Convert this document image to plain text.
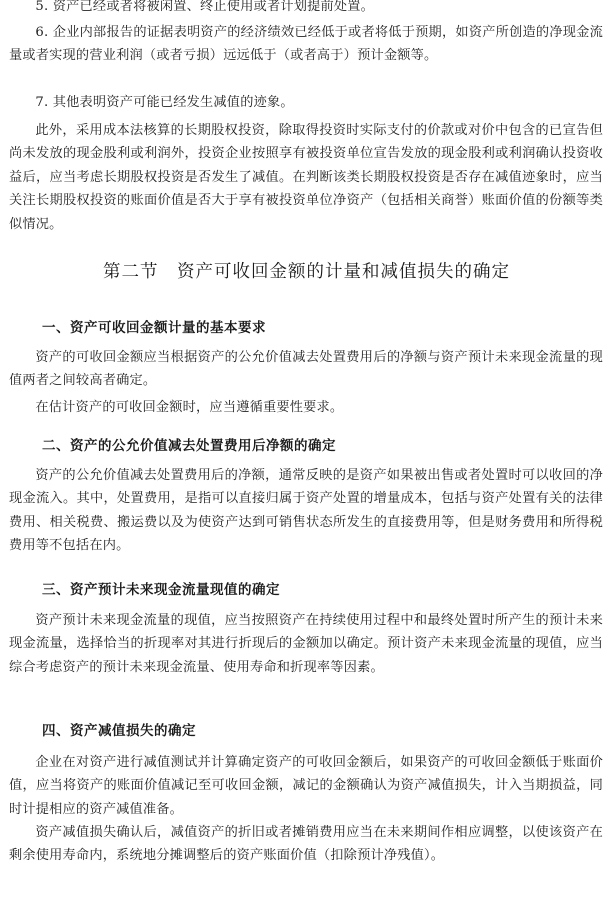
5. 资产已经或者将被闲置、终止使用或者计划提前处置。

6. 企业内部报告的证据表明资产的经济绩效已经低于或者将低于预期，如资产所创造的净现金流量或者实现的营业利润（或者亏损）远远低于（或者高于）预计金额等。

7. 其他表明资产可能已经发生减值的迹象。

此外，采用成本法核算的长期股权投资，除取得投资时实际支付的价款或对价中包含的已宣告但尚未发放的现金股利或利润外，投资企业按照享有被投资单位宣告发放的现金股利或利润确认投资收益后，应当考虑长期股权投资是否发生了减值。在判断该类长期股权投资是否存在减值迹象时，应当关注长期股权投资的账面价值是否大于享有被投资单位净资产（包括相关商誉）账面价值的份额等类似情况。

第二节　资产可收回金额的计量和减值损失的确定
一、资产可收回金额计量的基本要求

资产的可收回金额应当根据资产的公允价值减去处置费用后的净额与资产预计未来现金流量的现值两者之间较高者确定。

在估计资产的可收回金额时，应当遵循重要性要求。

二、资产的公允价值减去处置费用后净额的确定

资产的公允价值减去处置费用后的净额，通常反映的是资产如果被出售或者处置时可以收回的净现金流入。其中，处置费用，是指可以直接归属于资产处置的增量成本，包括与资产处置有关的法律费用、相关税费、搬运费以及为使资产达到可销售状态所发生的直接费用等，但是财务费用和所得税费用等不包括在内。

三、资产预计未来现金流量现值的确定

资产预计未来现金流量的现值，应当按照资产在持续使用过程中和最终处置时所产生的预计未来现金流量，选择恰当的折现率对其进行折现后的金额加以确定。预计资产未来现金流量的现值，应当综合考虑资产的预计未来现金流量、使用寿命和折现率等因素。

四、资产减值损失的确定

企业在对资产进行减值测试并计算确定资产的可收回金额后，如果资产的可收回金额低于账面价值，应当将资产的账面价值减记至可收回金额，减记的金额确认为资产减值损失，计入当期损益，同时计提相应的资产减值准备。

资产减值损失确认后，减值资产的折旧或者摊销费用应当在未来期间作相应调整，以使该资产在剩余使用寿命内，系统地分摊调整后的资产账面价值（扣除预计净残值）。
